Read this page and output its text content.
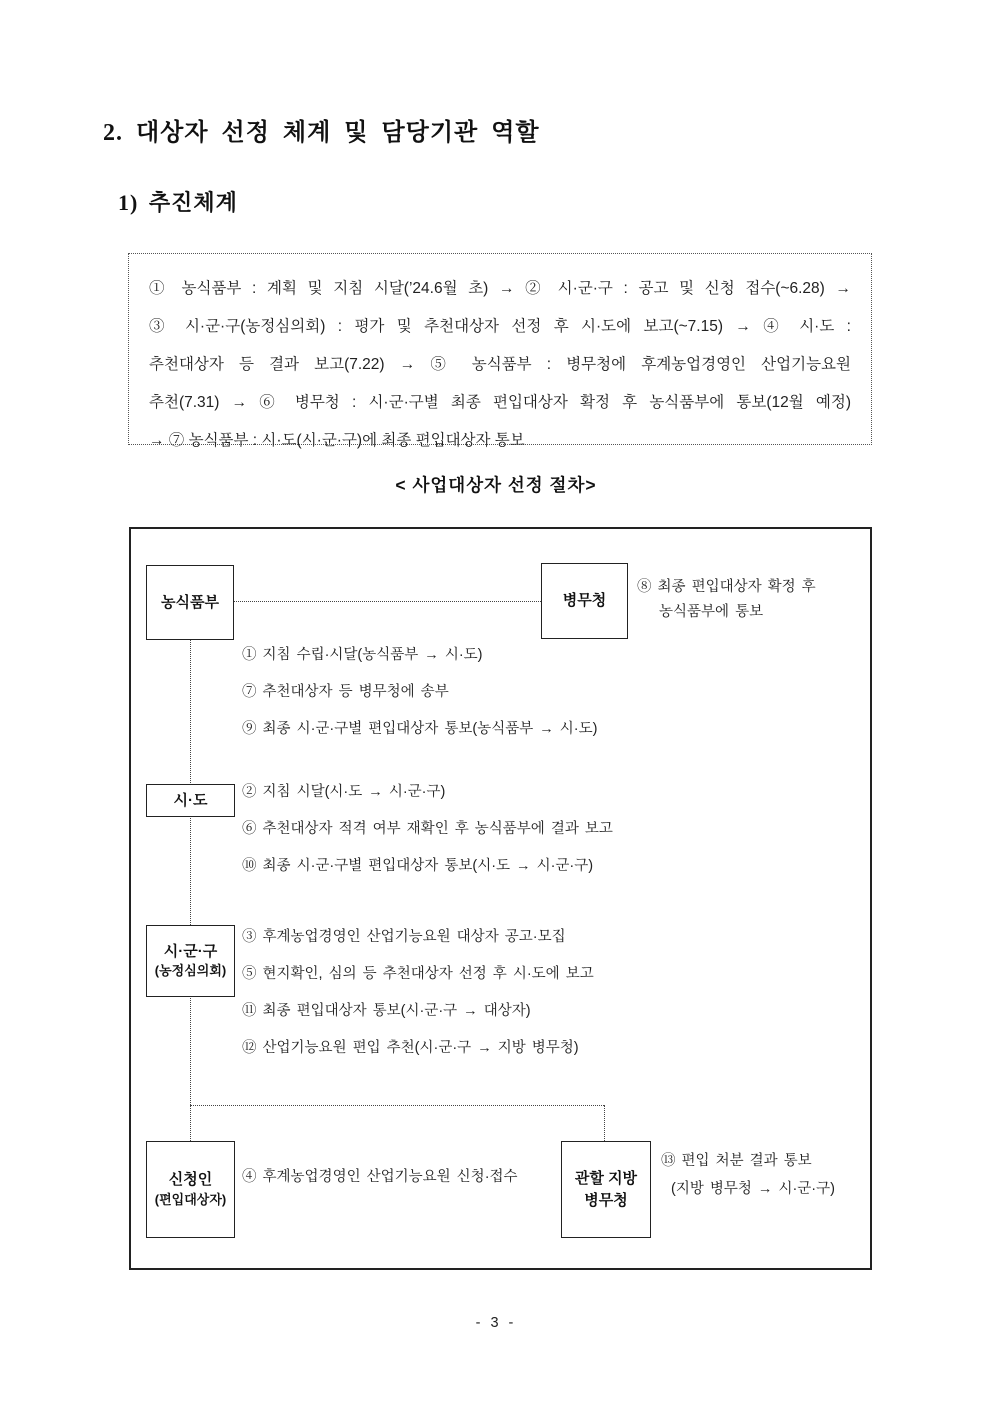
2. 대상자 선정 체계 및 담당기관 역할
1) 추진체계
① 농식품부 : 계획 및 지침 시달(’24.6월 초) → ② 시·군·구 : 공고 및 신청 접수(~6.28) →
③ 시·군·구(농정심의회) : 평가 및 추천대상자 선정 후 시·도에 보고(~7.15) → ④ 시·도 :
추천대상자 등 결과 보고(7.22) → ⑤ 농식품부 : 병무청에 후계농업경영인 산업기능요원
추천(7.31) → ⑥ 병무청 : 시·군·구별 최종 편입대상자 확정 후 농식품부에 통보(12월 예정)
→ ⑦ 농식품부 : 시·도(시·군·구)에 최종 편입대상자 통보
< 사업대상자 선정 절차>
농식품부	병무청
시·도
시·군·구
(농정심의회)
신청인
(편입대상자)
관할 지방
병무청
⑧ 최종 편입대상자 확정 후
농식품부에 통보
① 지침 수립·시달(농식품부 → 시·도)
⑦ 추천대상자 등 병무청에 송부
⑨ 최종 시·군·구별 편입대상자 통보(농식품부 → 시·도)
② 지침 시달(시·도 → 시·군·구)
⑥ 추천대상자 적격 여부 재확인 후 농식품부에 결과 보고
⑩ 최종 시·군·구별 편입대상자 통보(시·도 → 시·군·구)
③ 후계농업경영인 산업기능요원 대상자 공고·모집
⑤ 현지확인, 심의 등 추천대상자 선정 후 시·도에 보고
⑪ 최종 편입대상자 통보(시·군·구 → 대상자)
⑫ 산업기능요원 편입 추천(시·군·구 → 지방 병무청)
④ 후계농업경영인 산업기능요원 신청·접수
⑬ 편입 처분 결과 통보
(지방 병무청 → 시·군·구)
- 3 -
